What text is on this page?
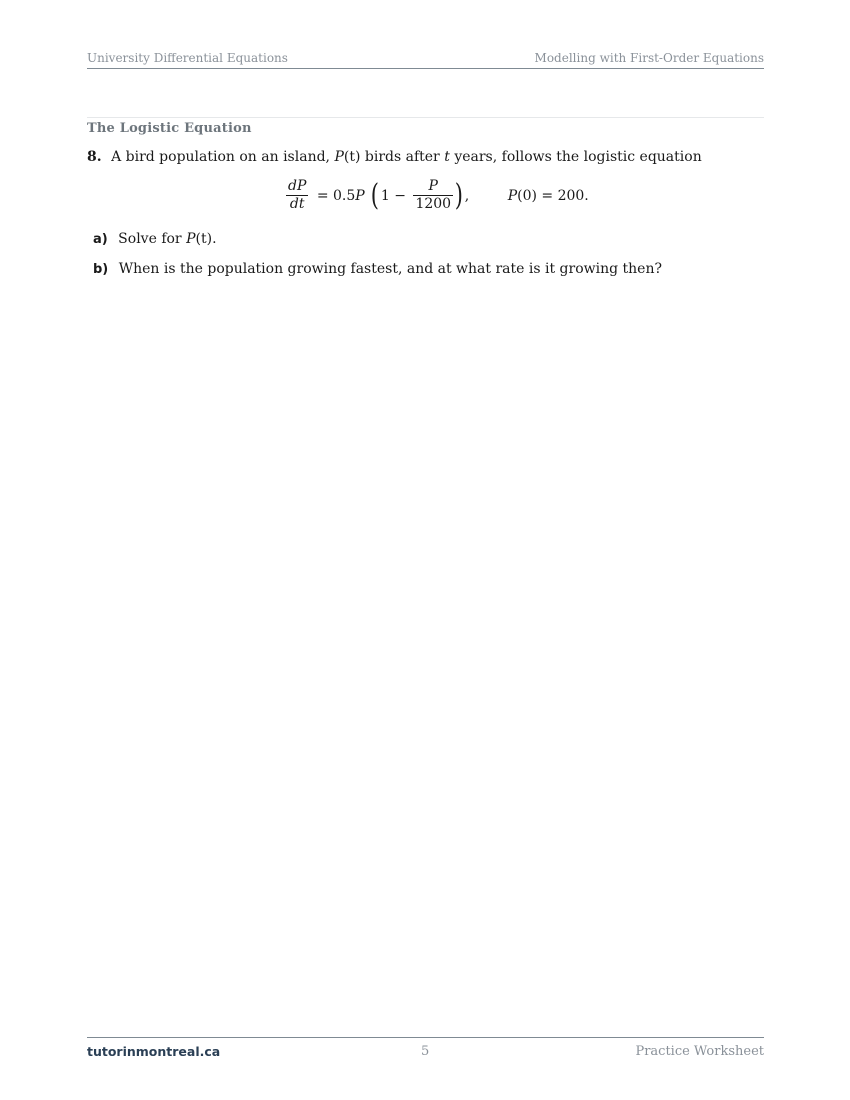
University Differential Equations	Modelling with First-Order Equations
The Logistic Equation
8. A bird population on an island, P(t) birds after t years, follows the logistic equation
$\frac{dP}{dt} = 0.5P$ ( $1 - \frac{P}{1200}$ ) ,	P(0) = 200.
a) Solve for P(t).
b) When is the population growing fastest, and at what rate is it growing then?
tutorinmontreal.ca	5	Practice Worksheet
